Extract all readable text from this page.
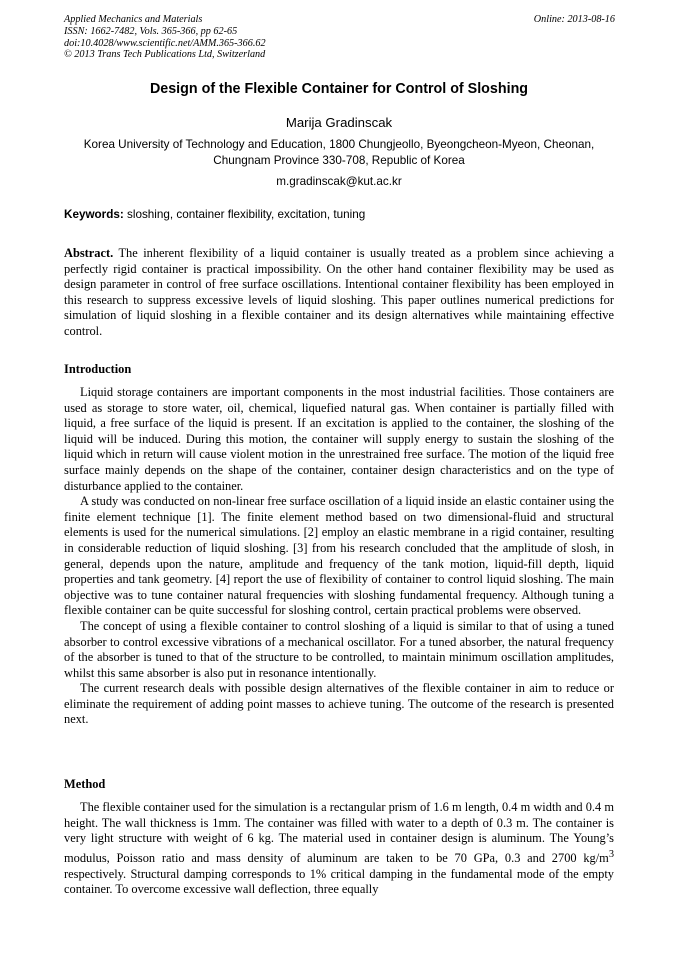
Applied Mechanics and Materials
ISSN: 1662-7482, Vols. 365-366, pp 62-65
doi:10.4028/www.scientific.net/AMM.365-366.62
© 2013 Trans Tech Publications Ltd, Switzerland
Online: 2013-08-16
Design of the Flexible Container for Control of Sloshing
Marija Gradinscak
Korea University of Technology and Education, 1800 Chungjeollo, Byeongcheon-Myeon, Cheonan, Chungnam Province 330-708, Republic of Korea
m.gradinscak@kut.ac.kr
Keywords: sloshing, container flexibility, excitation, tuning
Abstract. The inherent flexibility of a liquid container is usually treated as a problem since achieving a perfectly rigid container is practical impossibility. On the other hand container flexibility may be used as design parameter in control of free surface oscillations. Intentional container flexibility has been employed in this research to suppress excessive levels of liquid sloshing. This paper outlines numerical predictions for simulation of liquid sloshing in a flexible container and its design alternatives while maintaining effective control.
Introduction

Liquid storage containers are important components in the most industrial facilities. Those containers are used as storage to store water, oil, chemical, liquefied natural gas. When container is partially filled with liquid, a free surface of the liquid is present. If an excitation is applied to the container, the sloshing of the liquid will be induced. During this motion, the container will supply energy to sustain the sloshing of the liquid which in return will cause violent motion in the unrestrained free surface. The motion of the liquid free surface mainly depends on the shape of the container, container design characteristics and on the type of disturbance applied to the container.

A study was conducted on non-linear free surface oscillation of a liquid inside an elastic container using the finite element technique [1]. The finite element method based on two dimensional-fluid and structural elements is used for the numerical simulations. [2] employ an elastic membrane in a rigid container, resulting in considerable reduction of liquid sloshing. [3] from his research concluded that the amplitude of slosh, in general, depends upon the nature, amplitude and frequency of the tank motion, liquid-fill depth, liquid properties and tank geometry. [4] report the use of flexibility of container to control liquid sloshing. The main objective was to tune container natural frequencies with sloshing fundamental frequency. Although tuning a flexible container can be quite successful for sloshing control, certain practical problems were observed.

The concept of using a flexible container to control sloshing of a liquid is similar to that of using a tuned absorber to control excessive vibrations of a mechanical oscillator. For a tuned absorber, the natural frequency of the absorber is tuned to that of the structure to be controlled, to maintain minimum oscillation amplitudes, whilst this same absorber is also put in resonance intentionally.

The current research deals with possible design alternatives of the flexible container in aim to reduce or eliminate the requirement of adding point masses to achieve tuning. The outcome of the research is presented next.

Method

The flexible container used for the simulation is a rectangular prism of 1.6 m length, 0.4 m width and 0.4 m height. The wall thickness is 1mm. The container was filled with water to a depth of 0.3 m. The container is very light structure with weight of 6 kg. The material used in container design is aluminum. The Young’s modulus, Poisson ratio and mass density of aluminum are taken to be 70 GPa, 0.3 and 2700 $kg/m^3$ respectively. Structural damping corresponds to 1% critical damping in the fundamental mode of the empty container. To overcome excessive wall deflection, three equally
